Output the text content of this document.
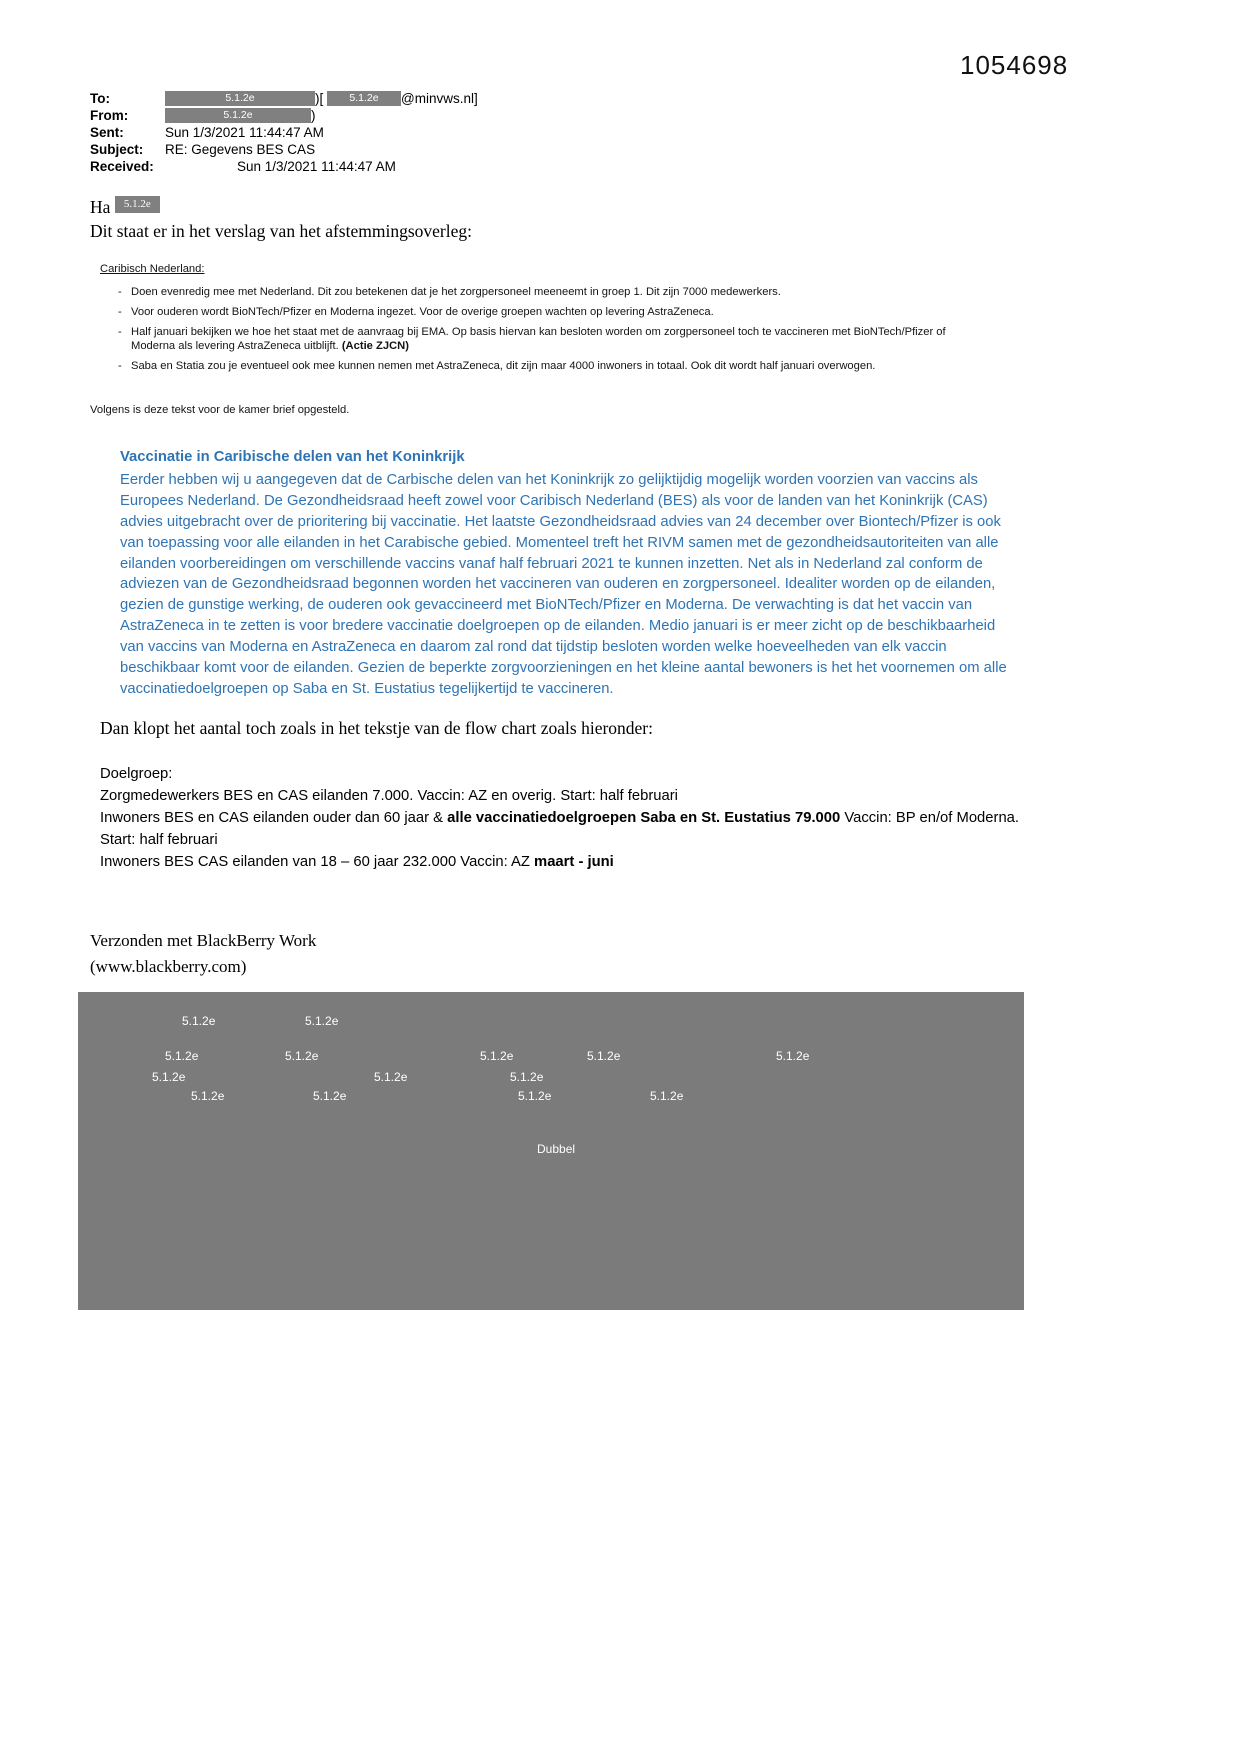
1054698
To:	5.1.2e	)[ 5.1.2e @minvws.nl]
From:	5.1.2e	)
Sent:	Sun 1/3/2021 11:44:47 AM
Subject:	RE: Gegevens BES CAS
Received:	Sun 1/3/2021 11:44:47 AM
Ha 5.1.2e
Dit staat er in het verslag van het afstemmingsoverleg:
Caribisch Nederland:
- Doen evenredig mee met Nederland. Dit zou betekenen dat je het zorgpersoneel meeneemt in groep 1. Dit zijn 7000 medewerkers.
- Voor ouderen wordt BioNTech/Pfizer en Moderna ingezet. Voor de overige groepen wachten op levering AstraZeneca.
- Half januari bekijken we hoe het staat met de aanvraag bij EMA. Op basis hiervan kan besloten worden om zorgpersoneel toch te vaccineren met BioNTech/Pfizer of Moderna als levering AstraZeneca uitblijft. (Actie ZJCN)
- Saba en Statia zou je eventueel ook mee kunnen nemen met AstraZeneca, dit zijn maar 4000 inwoners in totaal. Ook dit wordt half januari overwogen.
Volgens is deze tekst voor de kamer brief opgesteld.
Vaccinatie in Caribische delen van het Koninkrijk
Eerder hebben wij u aangegeven dat de Carbische delen van het Koninkrijk zo gelijktijdig mogelijk worden voorzien van vaccins als Europees Nederland. De Gezondheidsraad heeft zowel voor Caribisch Nederland (BES) als voor de landen van het Koninkrijk (CAS) advies uitgebracht over de prioritering bij vaccinatie. Het laatste Gezondheidsraad advies van 24 december over Biontech/Pfizer is ook van toepassing voor alle eilanden in het Carabische gebied. Momenteel treft het RIVM samen met de gezondheidsautoriteiten van alle eilanden voorbereidingen om verschillende vaccins vanaf half februari 2021 te kunnen inzetten. Net als in Nederland zal conform de adviezen van de Gezondheidsraad begonnen worden het vaccineren van ouderen en zorgpersoneel. Idealiter worden op de eilanden, gezien de gunstige werking, de ouderen ook gevaccineerd met BioNTech/Pfizer en Moderna. De verwachting is dat het vaccin van AstraZeneca in te zetten is voor bredere vaccinatie doelgroepen op de eilanden. Medio januari is er meer zicht op de beschikbaarheid van vaccins van Moderna en AstraZeneca en daarom zal rond dat tijdstip besloten worden welke hoeveelheden van elk vaccin beschikbaar komt voor de eilanden. Gezien de beperkte zorgvoorzieningen en het kleine aantal bewoners is het het voornemen om alle vaccinatiedoelgroepen op Saba en St. Eustatius tegelijkertijd te vaccineren.
Dan klopt het aantal toch zoals in het tekstje van de flow chart zoals hieronder:
Doelgroep:
Zorgmedewerkers BES en CAS eilanden 7.000. Vaccin: AZ en overig. Start: half februari
Inwoners BES en CAS eilanden ouder dan 60 jaar & alle vaccinatiedoelgroepen Saba en St. Eustatius 79.000 Vaccin: BP en/of Moderna. Start: half februari
Inwoners BES CAS eilanden van 18 – 60 jaar 232.000 Vaccin: AZ maart - juni
Verzonden met BlackBerry Work
(www.blackberry.com)
5.1.2e	5.1.2e
5.1.2e	5.1.2e	5.1.2e	5.1.2e	5.1.2e
5.1.2e	5.1.2e	5.1.2e
5.1.2e	5.1.2e	5.1.2e	5.1.2e
Dubbel
